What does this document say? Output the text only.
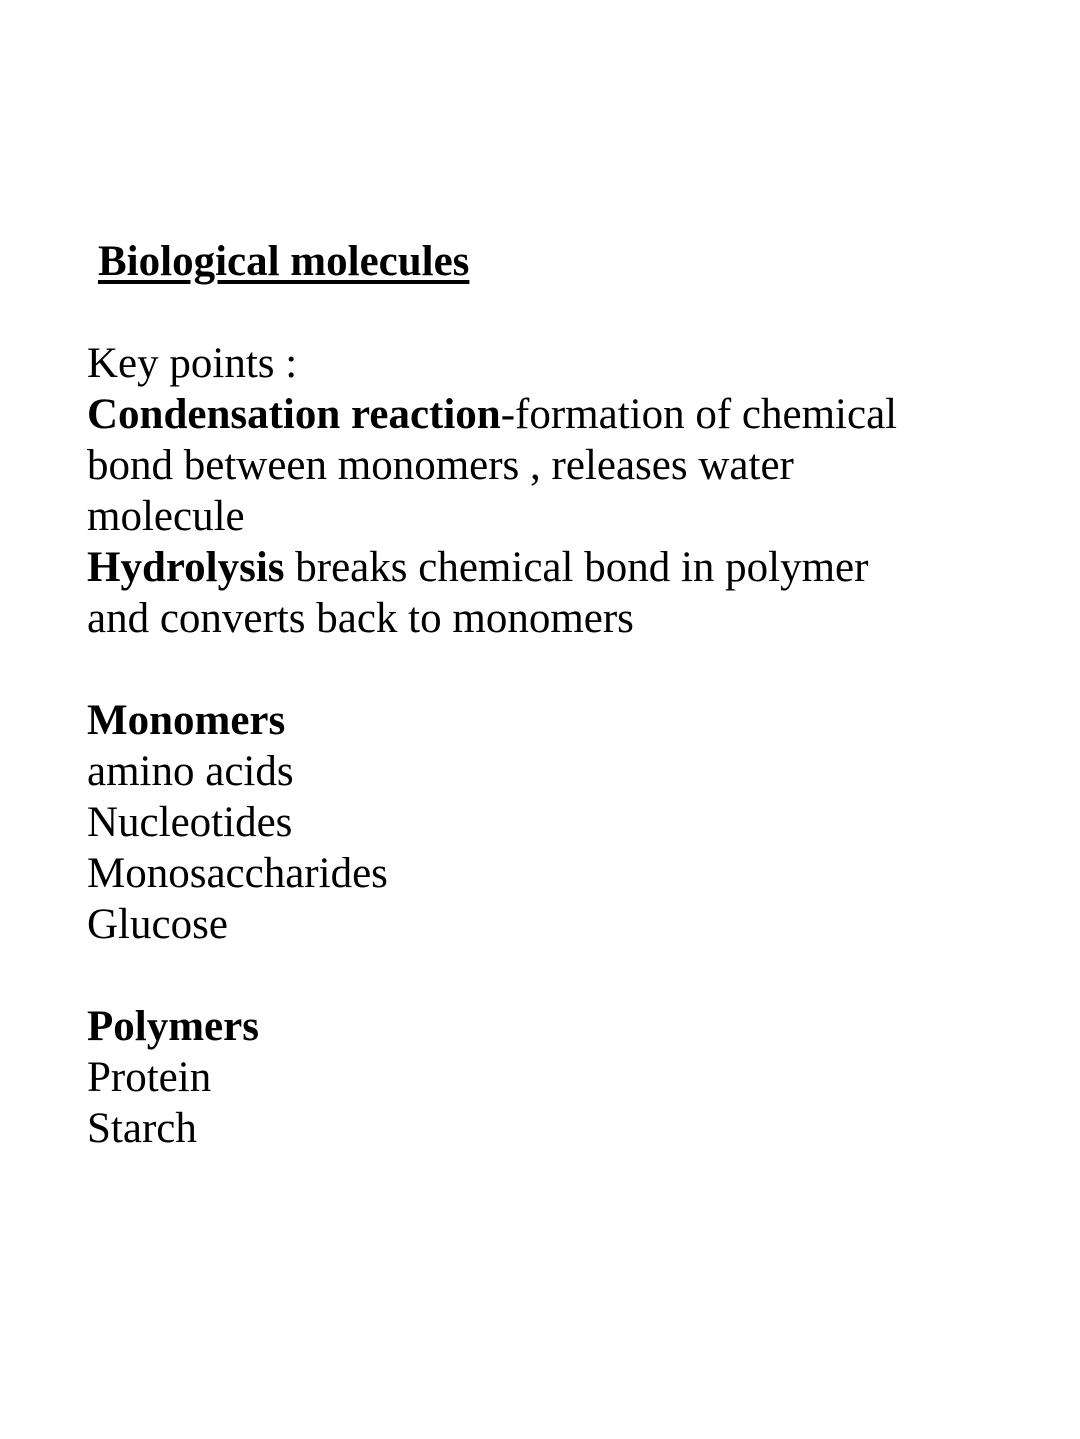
Biological molecules
Key points :
Condensation reaction-formation of chemical
bond between monomers , releases water
molecule
Hydrolysis breaks chemical bond in polymer
and converts back to monomers
Monomers
amino acids
Nucleotides
Monosaccharides
Glucose
Polymers
Protein
Starch
